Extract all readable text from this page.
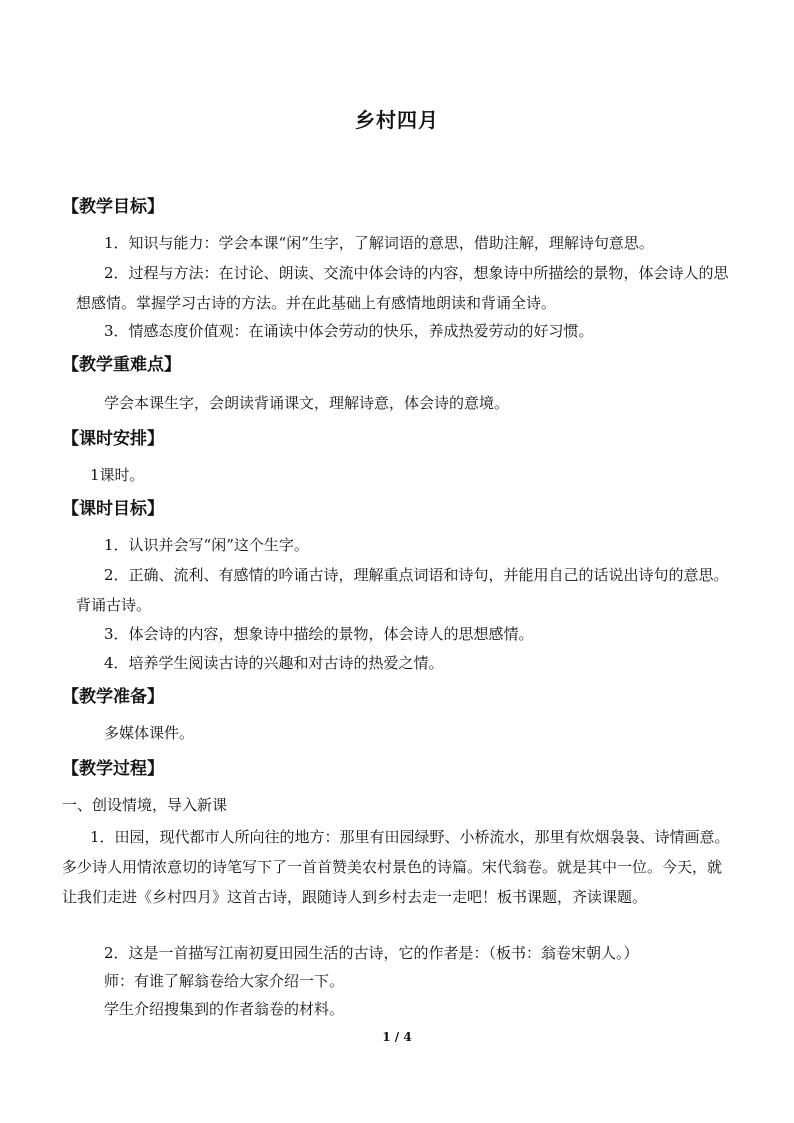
乡村四月
【教学目标】

1．知识与能力：学会本课“闲”生字，了解词语的意思，借助注解，理解诗句意思。

2．过程与方法：在讨论、朗读、交流中体会诗的内容，想象诗中所描绘的景物，体会诗人的思想感情。掌握学习古诗的方法。并在此基础上有感情地朗读和背诵全诗。

3．情感态度价值观：在诵读中体会劳动的快乐，养成热爱劳动的好习惯。

【教学重难点】

学会本课生字，会朗读背诵课文，理解诗意，体会诗的意境。

【课时安排】

1课时。

【课时目标】

1．认识并会写“闲”这个生字。

2．正确、流利、有感情的吟诵古诗，理解重点词语和诗句，并能用自己的话说出诗句的意思。背诵古诗。

3．体会诗的内容，想象诗中描绘的景物，体会诗人的思想感情。

4．培养学生阅读古诗的兴趣和对古诗的热爱之情。

【教学准备】

多媒体课件。

【教学过程】
一、创设情境，导入新课

1．田园，现代都市人所向往的地方：那里有田园绿野、小桥流水，那里有炊烟袅袅、诗情画意。多少诗人用情浓意切的诗笔写下了一首首赞美农村景色的诗篇。宋代翁卷。就是其中一位。今天，就让我们走进《乡村四月》这首古诗，跟随诗人到乡村去走一走吧！板书课题，齐读课题。

2．这是一首描写江南初夏田园生活的古诗，它的作者是：（板书：翁卷宋朝人。）

师：有谁了解翁卷给大家介绍一下。

学生介绍搜集到的作者翁卷的材料。

1 / 4
